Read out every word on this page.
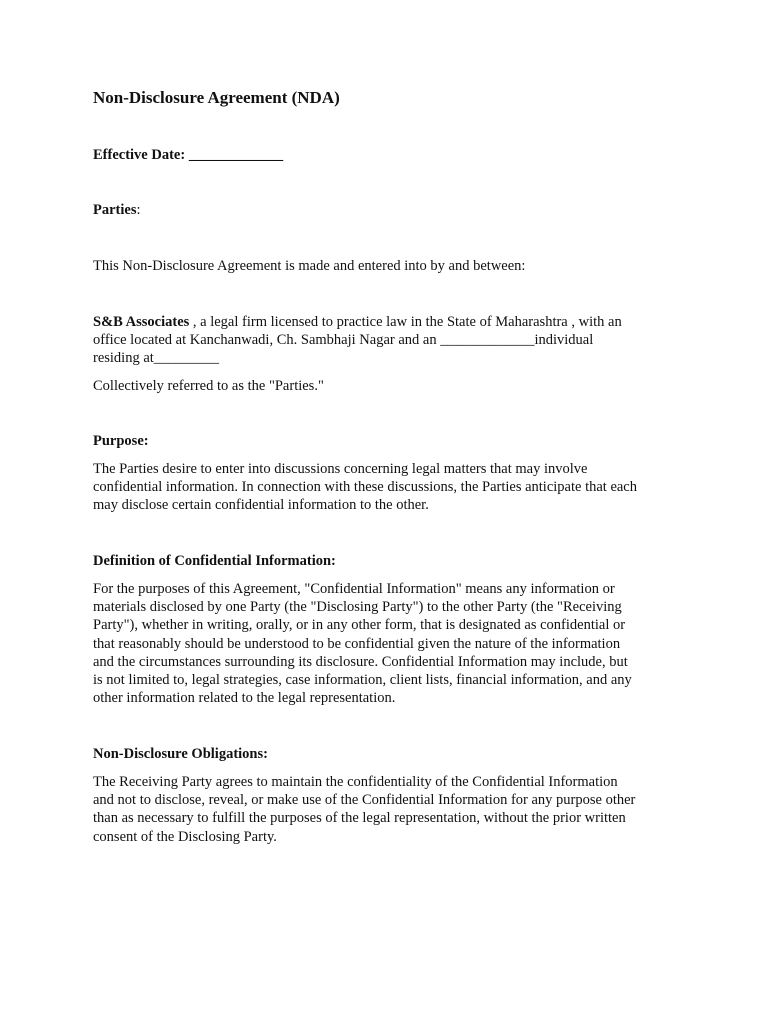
Non-Disclosure Agreement (NDA)
Effective Date: _____________
Parties:
This Non-Disclosure Agreement is made and entered into by and between:
S&B Associates , a legal firm licensed to practice law in the State of Maharashtra , with an
office located at Kanchanwadi, Ch. Sambhaji Nagar and an _____________individual
residing at_________
Collectively referred to as the "Parties."
Purpose:
The Parties desire to enter into discussions concerning legal matters that may involve
confidential information. In connection with these discussions, the Parties anticipate that each
may disclose certain confidential information to the other.
Definition of Confidential Information:
For the purposes of this Agreement, "Confidential Information" means any information or
materials disclosed by one Party (the "Disclosing Party") to the other Party (the "Receiving
Party"), whether in writing, orally, or in any other form, that is designated as confidential or
that reasonably should be understood to be confidential given the nature of the information
and the circumstances surrounding its disclosure. Confidential Information may include, but
is not limited to, legal strategies, case information, client lists, financial information, and any
other information related to the legal representation.
Non-Disclosure Obligations:
The Receiving Party agrees to maintain the confidentiality of the Confidential Information
and not to disclose, reveal, or make use of the Confidential Information for any purpose other
than as necessary to fulfill the purposes of the legal representation, without the prior written
consent of the Disclosing Party.
